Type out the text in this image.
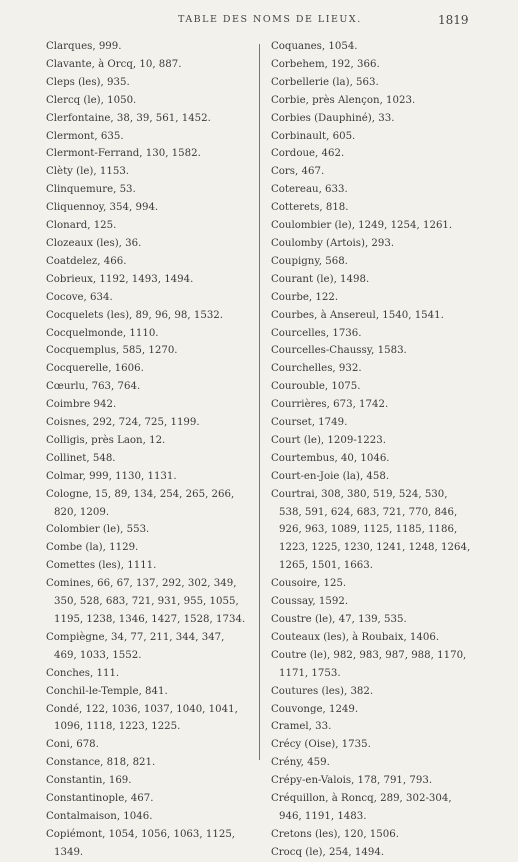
TABLE DES NOMS DE LIEUX.	1819
Clarques, 999.
Clavante, à Orcq, 10, 887.
Cleps (les), 935.
Clercq (le), 1050.
Clerfontaine, 38, 39, 561, 1452.
Clermont, 635.
Clermont-Ferrand, 130, 1582.
Clèty (le), 1153.
Clinquemure, 53.
Cliquennoy, 354, 994.
Clonard, 125.
Clozeaux (les), 36.
Coatdelez, 466.
Cobrieux, 1192, 1493, 1494.
Cocove, 634.
Cocquelets (les), 89, 96, 98, 1532.
Cocquelmonde, 1110.
Cocquemplus, 585, 1270.
Cocquerelle, 1606.
Cœurlu, 763, 764.
Coimbre 942.
Coisnes, 292, 724, 725, 1199.
Colligis, près Laon, 12.
Collinet, 548.
Colmar, 999, 1130, 1131.
Cologne, 15, 89, 134, 254, 265, 266,
820, 1209.
Colombier (le), 553.
Combe (la), 1129.
Comettes (les), 1111.
Comines, 66, 67, 137, 292, 302, 349,
350, 528, 683, 721, 931, 955, 1055,
1195, 1238, 1346, 1427, 1528, 1734.
Compiègne, 34, 77, 211, 344, 347,
469, 1033, 1552.
Conches, 111.
Conchil-le-Temple, 841.
Condé, 122, 1036, 1037, 1040, 1041,
1096, 1118, 1223, 1225.
Coni, 678.
Constance, 818, 821.
Constantin, 169.
Constantinople, 467.
Contalmaison, 1046.
Copiémont, 1054, 1056, 1063, 1125,
1349.
Coquanes, 1054.
Corbehem, 192, 366.
Corbellerie (la), 563.
Corbie, près Alençon, 1023.
Corbies (Dauphiné), 33.
Corbinault, 605.
Cordoue, 462.
Cors, 467.
Cotereau, 633.
Cotterets, 818.
Coulombier (le), 1249, 1254, 1261.
Coulomby (Artois), 293.
Coupigny, 568.
Courant (le), 1498.
Courbe, 122.
Courbes, à Ansereul, 1540, 1541.
Courcelles, 1736.
Courcelles-Chaussy, 1583.
Courchelles, 932.
Courouble, 1075.
Courrières, 673, 1742.
Courset, 1749.
Court (le), 1209-1223.
Courtembus, 40, 1046.
Court-en-Joie (la), 458.
Courtrai, 308, 380, 519, 524, 530,
538, 591, 624, 683, 721, 770, 846,
926, 963, 1089, 1125, 1185, 1186,
1223, 1225, 1230, 1241, 1248, 1264,
1265, 1501, 1663.
Cousoire, 125.
Coussay, 1592.
Coustre (le), 47, 139, 535.
Couteaux (les), à Roubaix, 1406.
Coutre (le), 982, 983, 987, 988, 1170,
1171, 1753.
Coutures (les), 382.
Couvonge, 1249.
Cramel, 33.
Crécy (Oise), 1735.
Crény, 459.
Crépy-en-Valois, 178, 791, 793.
Créquillon, à Roncq, 289, 302-304,
946, 1191, 1483.
Cretons (les), 120, 1506.
Crocq (le), 254, 1494.
